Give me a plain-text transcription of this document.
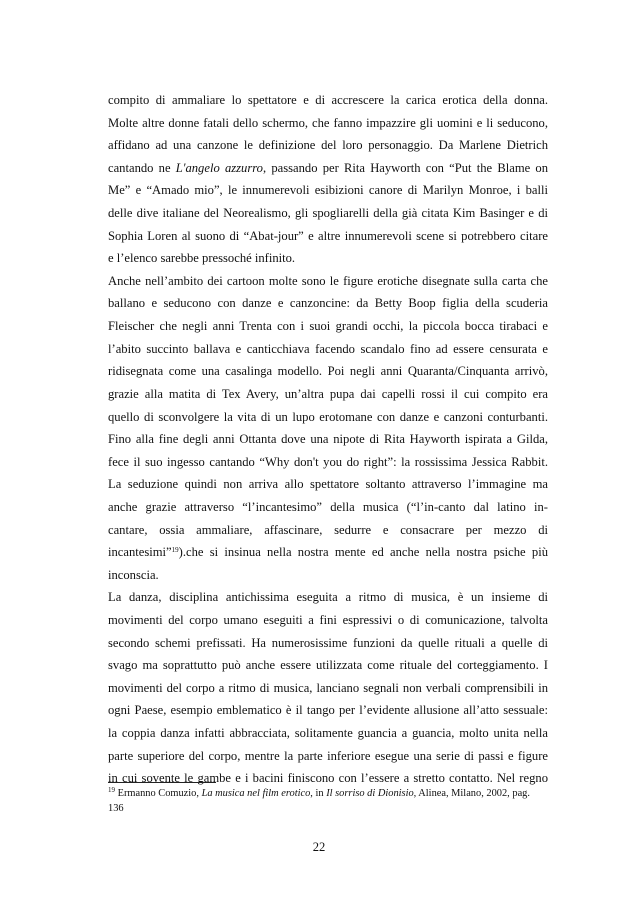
compito di ammaliare lo spettatore e di accrescere la carica erotica della donna.
Molte altre donne fatali dello schermo, che fanno impazzire gli uomini e li seducono,
affidano ad una canzone le definizione del loro personaggio. Da Marlene Dietrich
cantando ne L'angelo azzurro, passando per Rita Hayworth con “Put the Blame on
Me” e “Amado mio”, le innumerevoli esibizioni canore di Marilyn Monroe, i balli
delle dive italiane del Neorealismo, gli spogliarelli della già citata Kim Basinger e di
Sophia Loren al suono di “Abat-jour” e altre innumerevoli scene si potrebbero citare
e l’elenco sarebbe pressoché infinito.
Anche nell’ambito dei cartoon molte sono le figure erotiche disegnate sulla carta che
ballano e seducono con danze e canzoncine: da Betty Boop figlia della scuderia
Fleischer che negli anni Trenta con i suoi grandi occhi, la piccola bocca tirabaci e
l’abito succinto ballava e canticchiava facendo scandalo fino ad essere censurata e
ridisegnata come una casalinga modello. Poi negli anni Quaranta/Cinquanta arrivò,
grazie alla matita di Tex Avery, un’altra pupa dai capelli rossi il cui compito era
quello di sconvolgere la vita di un lupo erotomane con danze e canzoni conturbanti.
Fino alla fine degli anni Ottanta dove una nipote di Rita Hayworth ispirata a Gilda,
fece il suo ingesso cantando “Why don't you do right”: la rossissima Jessica Rabbit.
La seduzione quindi non arriva allo spettatore soltanto attraverso l’immagine ma
anche grazie attraverso “l’incantesimo” della musica (“l’in-canto dal latino in-
cantare, ossia ammaliare, affascinare, sedurre e consacrare per mezzo di
incantesimi”$^{19}$).che si insinua nella nostra mente ed anche nella nostra psiche più
inconscia.
La danza, disciplina antichissima eseguita a ritmo di musica, è un insieme di
movimenti del corpo umano eseguiti a fini espressivi o di comunicazione, talvolta
secondo schemi prefissati. Ha numerosissime funzioni da quelle rituali a quelle di
svago ma soprattutto può anche essere utilizzata come rituale del corteggiamento. I
movimenti del corpo a ritmo di musica, lanciano segnali non verbali comprensibili in
ogni Paese, esempio emblematico è il tango per l’evidente allusione all’atto sessuale:
la coppia danza infatti abbracciata, solitamente guancia a guancia, molto unita nella
parte superiore del corpo, mentre la parte inferiore esegue una serie di passi e figure
in cui sovente le gambe e i bacini finiscono con l’essere a stretto contatto. Nel regno
$^{19}$ Ermanno Comuzio, La musica nel film erotico, in Il sorriso di Dionisio, Alinea, Milano, 2002, pag.
136
22
